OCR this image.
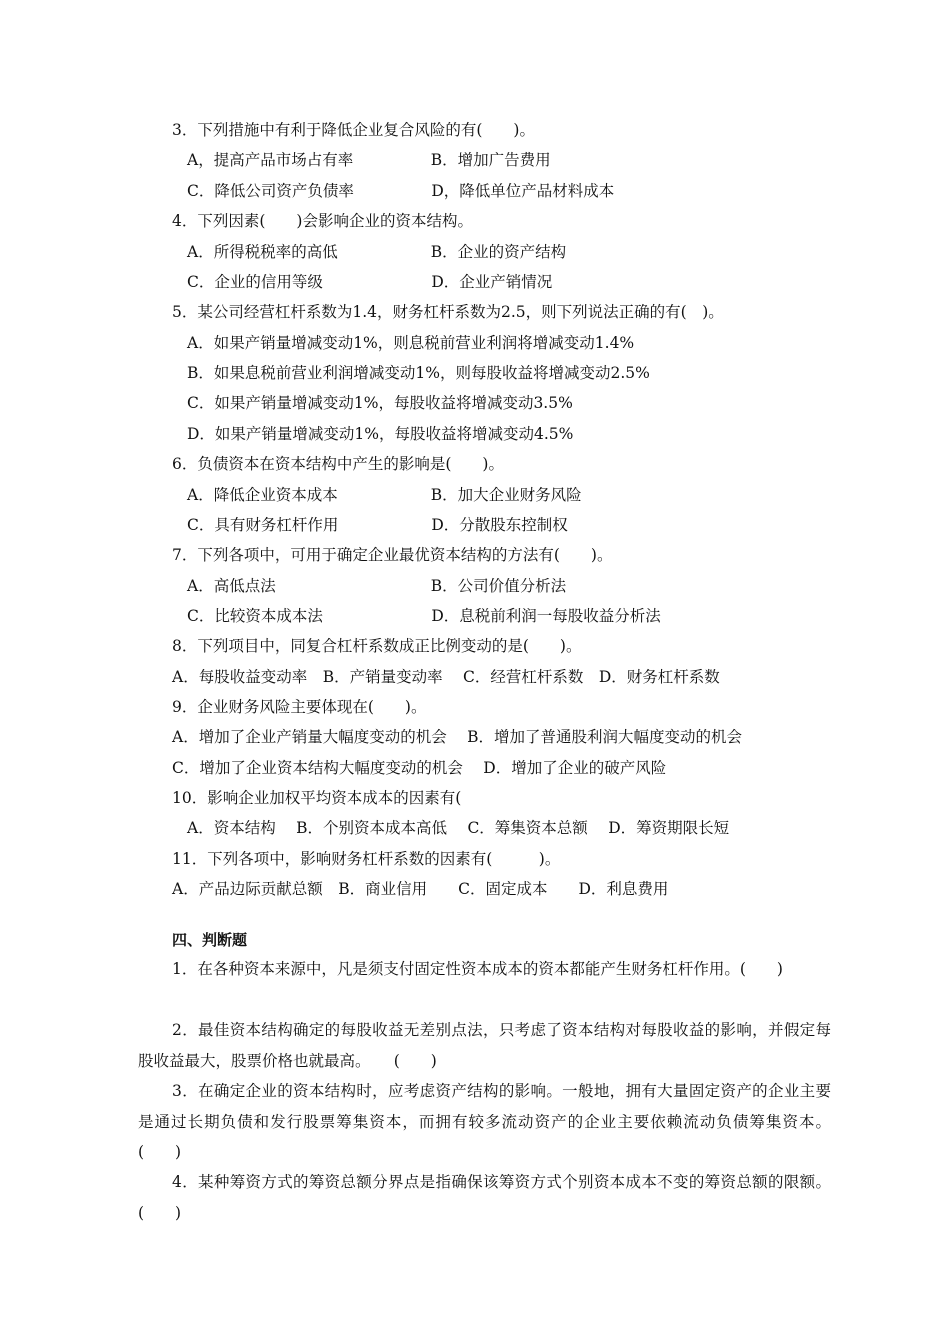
3．下列措施中有利于降低企业复合风险的有(　　)。
A，提高产品市场占有率　　　　　B．增加广告费用
C．降低公司资产负债率　　　　　D，降低单位产品材料成本
4．下列因素(　　)会影响企业的资本结构。
A．所得税税率的高低　　　　　　B．企业的资产结构
C．企业的信用等级　　　　　　　D．企业产销情况
5．某公司经营杠杆系数为1.4，财务杠杆系数为2.5，则下列说法正确的有(　)。
A．如果产销量增减变动1%，则息税前营业利润将增减变动1.4%
B．如果息税前营业利润增减变动1%，则每股收益将增减变动2.5%
C．如果产销量增减变动1%，每股收益将增减变动3.5%
D．如果产销量增减变动1%，每股收益将增减变动4.5%
6．负债资本在资本结构中产生的影响是(　　)。
A．降低企业资本成本　　　　　　B．加大企业财务风险
C．具有财务杠杆作用　　　　　　D．分散股东控制权
7．下列各项中，可用于确定企业最优资本结构的方法有(　　)。
A．高低点法　　　　　　　　　　B．公司价值分析法
C．比较资本成本法　　　　　　　D．息税前利润一每股收益分析法
8．下列项目中，同复合杠杆系数成正比例变动的是(　　)。
A．每股收益变动率　B．产销量变动率　 C．经营杠杆系数　D．财务杠杆系数
9．企业财务风险主要体现在(　　)。
A．增加了企业产销量大幅度变动的机会　 B．增加了普通股利润大幅度变动的机会
C．增加了企业资本结构大幅度变动的机会　 D．增加了企业的破产风险
10．影响企业加权平均资本成本的因素有(
A．资本结构　 B．个别资本成本高低　 C．筹集资本总额　 D．筹资期限长短
11．下列各项中，影响财务杠杆系数的因素有(　　　)。
A．产品边际贡献总额　B．商业信用　　C．固定成本　　D．利息费用
四、判断题
1．在各种资本来源中，凡是须支付固定性资本成本的资本都能产生财务杠杆作用。(　　)
2．最佳资本结构确定的每股收益无差别点法，只考虑了资本结构对每股收益的影响，并假定每股收益最大，股票价格也就最高。　　(　　)
3．在确定企业的资本结构时，应考虑资产结构的影响。一般地，拥有大量固定资产的企业主要是通过长期负债和发行股票筹集资本，而拥有较多流动资产的企业主要依赖流动负债筹集资本。(　　)
4．某种筹资方式的筹资总额分界点是指确保该筹资方式个别资本成本不变的筹资总额的限额。 (　　)
